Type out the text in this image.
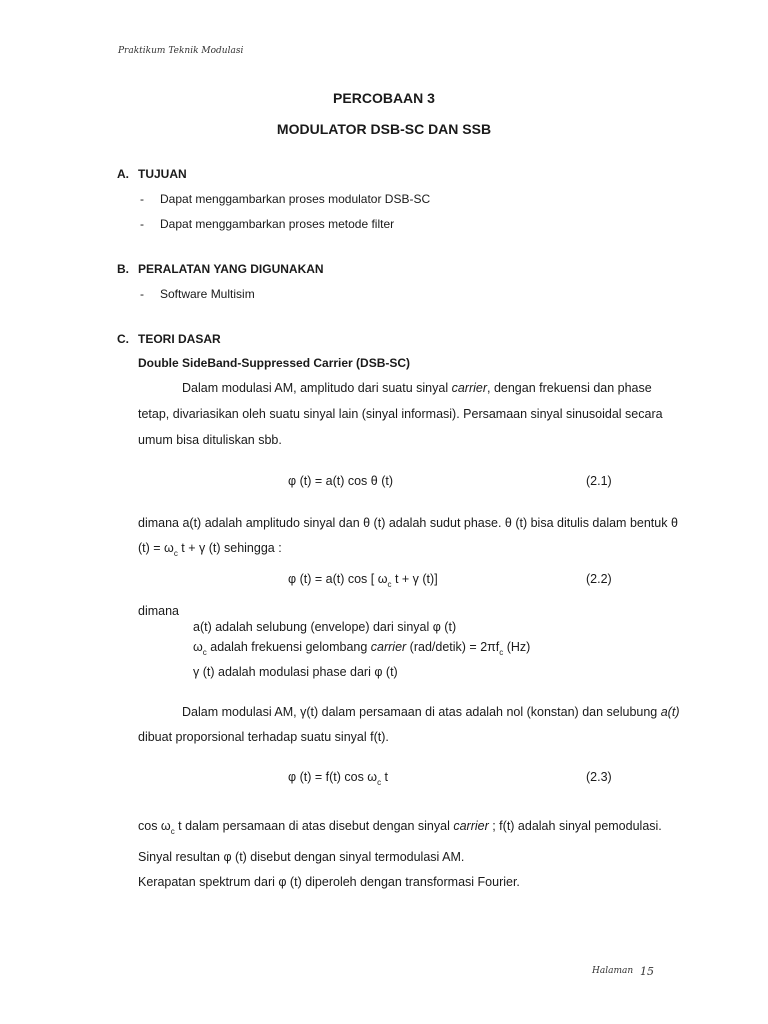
Praktikum Teknik Modulasi
PERCOBAAN 3
MODULATOR DSB-SC DAN SSB
A. TUJUAN
- Dapat menggambarkan proses modulator DSB-SC
- Dapat menggambarkan proses metode filter
B. PERALATAN YANG DIGUNAKAN
- Software Multisim
C. TEORI DASAR
Double SideBand-Suppressed Carrier (DSB-SC)
Dalam modulasi AM, amplitudo dari suatu sinyal carrier, dengan frekuensi dan phase
tetap, divariasikan oleh suatu sinyal lain (sinyal informasi). Persamaan sinyal sinusoidal secara
umum bisa dituliskan sbb.
φ (t) = a(t) cos θ (t)	(2.1)
dimana a(t) adalah amplitudo sinyal dan θ (t) adalah sudut phase. θ (t) bisa ditulis dalam bentuk θ
$(t) = \omega_c$ t + γ (t) sehingga :
φ (t) = a(t) cos [ $\omega_c$ t + γ (t)]	(2.2)
dimana
a(t) adalah selubung (envelope) dari sinyal φ (t)
$\omega_c$ adalah frekuensi gelombang carrier (rad/detik) = $2\pi f_c$ (Hz)
γ (t) adalah modulasi phase dari φ (t)
Dalam modulasi AM, γ(t) dalam persamaan di atas adalah nol (konstan) dan selubung a(t)
dibuat proporsional terhadap suatu sinyal f(t).
φ (t) = f(t) $\cos \omega_c$ t	(2.3)
$\cos \omega_c$ t dalam persamaan di atas disebut dengan sinyal carrier ; f(t) adalah sinyal pemodulasi.
Sinyal resultan φ (t) disebut dengan sinyal termodulasi AM.
Kerapatan spektrum dari φ (t) diperoleh dengan transformasi Fourier.
Halaman 15
